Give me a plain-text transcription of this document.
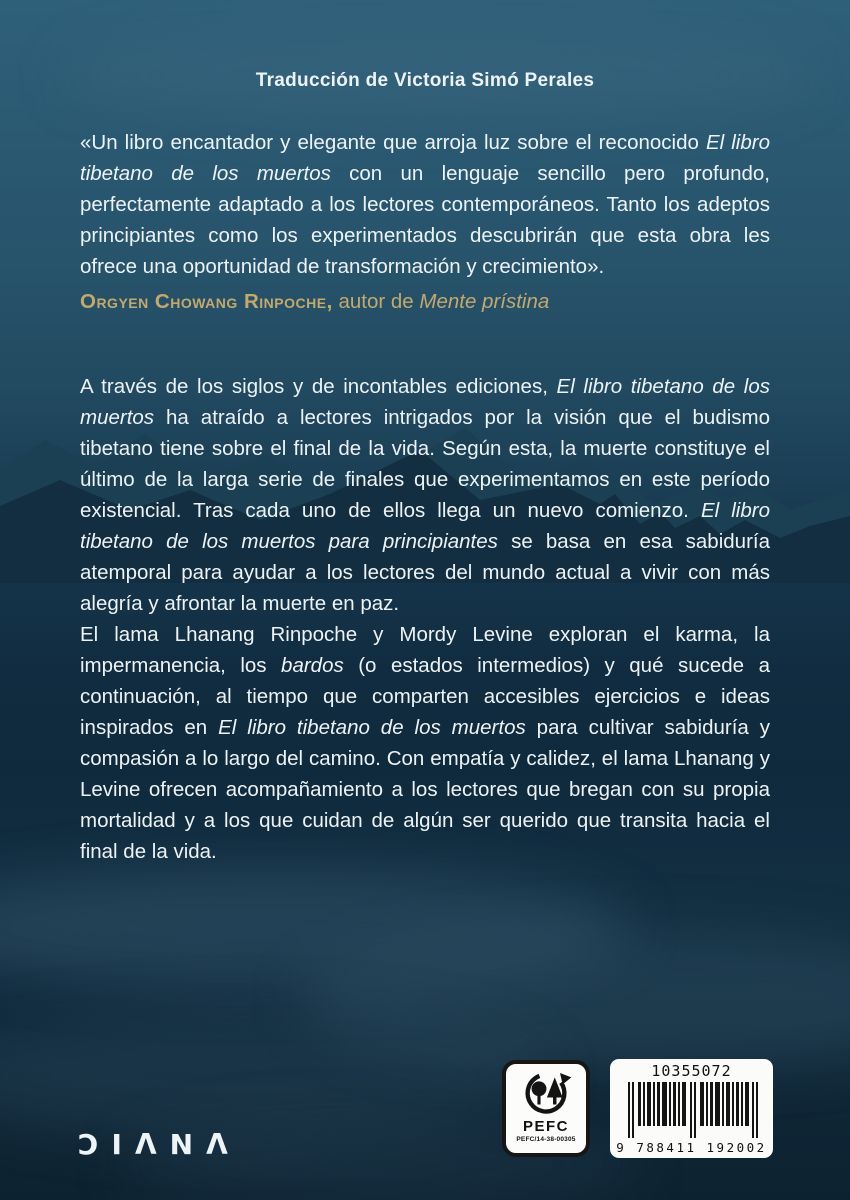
Traducción de Victoria Simó Perales

«Un libro encantador y elegante que arroja luz sobre el reconocido El libro tibetano de los muertos con un lenguaje sencillo pero profundo, perfectamente adaptado a los lectores contemporáneos. Tanto los adeptos principiantes como los experimentados descubrirán que esta obra les ofrece una oportunidad de transformación y crecimiento».

Orgyen Chowang Rinpoche, autor de Mente prístina

A través de los siglos y de incontables ediciones, El libro tibetano de los muertos ha atraído a lectores intrigados por la visión que el budismo tibetano tiene sobre el final de la vida. Según esta, la muerte constituye el último de la larga serie de finales que experimentamos en este período existencial. Tras cada uno de ellos llega un nuevo comienzo. El libro tibetano de los muertos para principiantes se basa en esa sabiduría atemporal para ayudar a los lectores del mundo actual a vivir con más alegría y afrontar la muerte en paz.

El lama Lhanang Rinpoche y Mordy Levine exploran el karma, la impermanencia, los bardos (o estados intermedios) y qué sucede a continuación, al tiempo que comparten accesibles ejercicios e ideas inspirados en El libro tibetano de los muertos para cultivar sabiduría y compasión a lo largo del camino. Con empatía y calidez, el lama Lhanang y Levine ofrecen acompañamiento a los lectores que bregan con su propia mortalidad y a los que cuidan de algún ser querido que transita hacia el final de la vida.

ƆIΛNΛ
PEFC
PEFC/14-38-00305
10355072
9 788411 192002
